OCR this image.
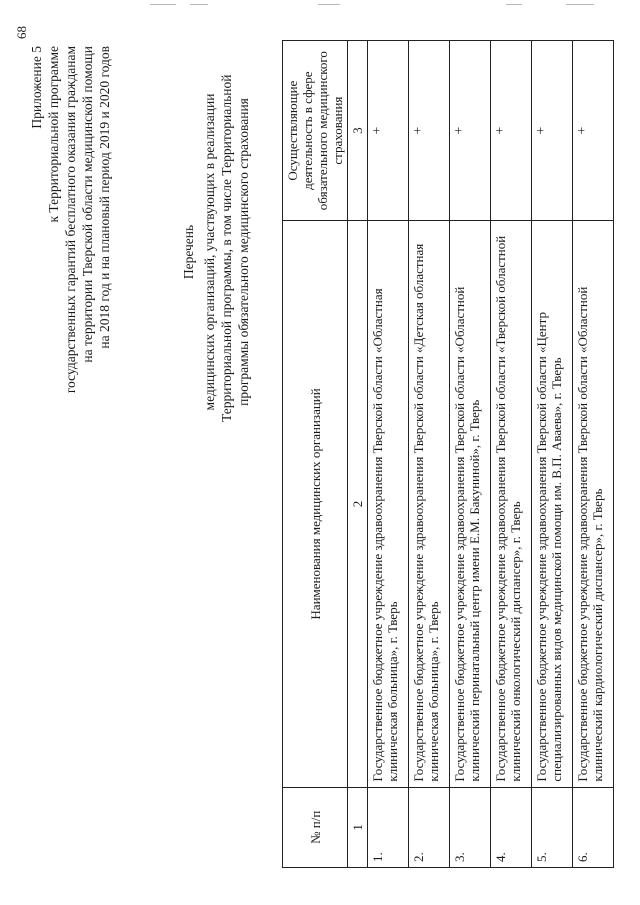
68
Приложение 5 к Территориальной программе государственных гарантий бесплатного оказания гражданам на территории Тверской области медицинской помощи на 2018 год и на плановый период 2019 и 2020 годов	Перечень медицинских организаций, участвующих в реализации Территориальной программы, в том числе Территориальной программы обязательного медицинского страхования
№ п/п	Наименования медицинских организаций	Осуществляющие деятельность в сфере обязательного медицинского страхования
1	2	3
1.	Государственное бюджетное учреждение здравоохранения Тверской области «Областная клиническая больница», г. Тверь	+
2.	Государственное бюджетное учреждение здравоохранения Тверской области «Детская областная клиническая больница», г. Тверь	+
3.	Государственное бюджетное учреждение здравоохранения Тверской области «Областной клинический перинатальный центр имени Е.М. Бакуниной», г. Тверь	+
4.	Государственное бюджетное учреждение здравоохранения Тверской области «Тверской областной клинический онкологический диспансер», г. Тверь	+
5.	Государственное бюджетное учреждение здравоохранения Тверской области «Центр специализированных видов медицинской помощи им. В.П. Аваева», г. Тверь	+
6.	Государственное бюджетное учреждение здравоохранения Тверской области «Областной клинический кардиологический диспансер», г. Тверь	+
